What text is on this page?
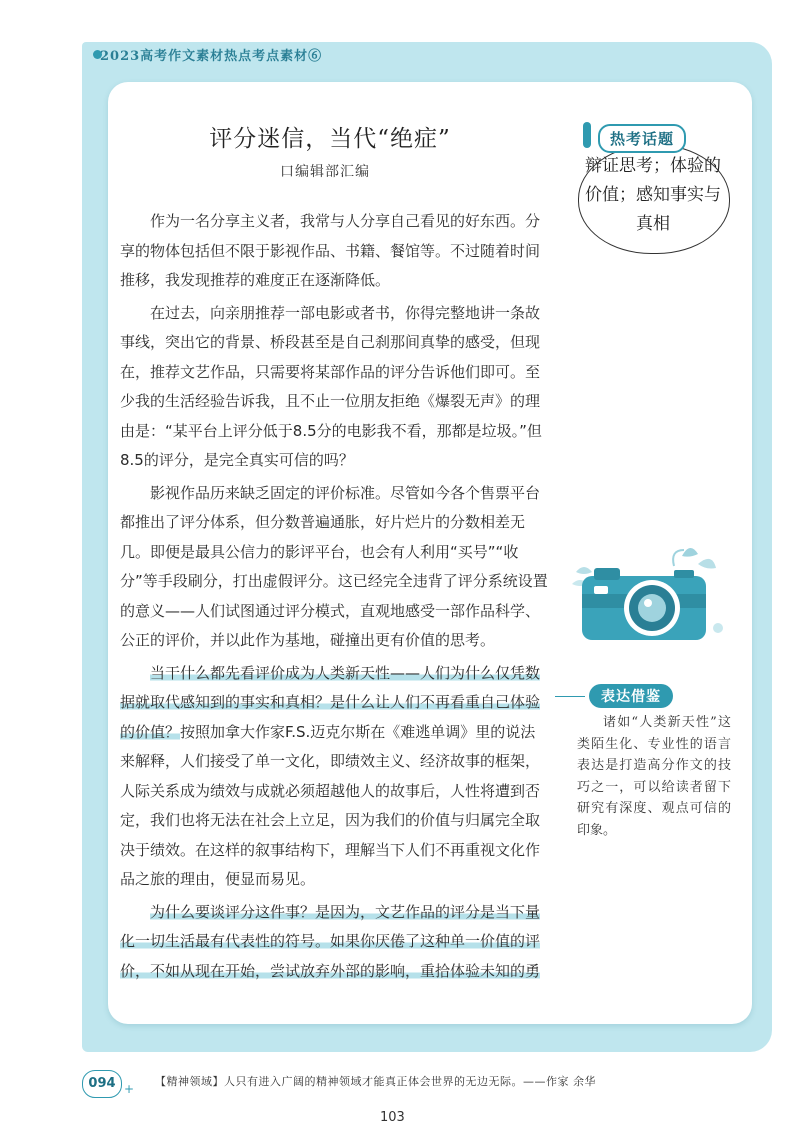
2023高考作文素材热点考点素材⑥
评分迷信，当代“绝症”
口编辑部汇编
热考话题
辩证思考；体验的价值；感知事实与真相

作为一名分享主义者，我常与人分享自己看见的好东西。分享的物体包括但不限于影视作品、书籍、餐馆等。不过随着时间推移，我发现推荐的难度正在逐渐降低。

在过去，向亲朋推荐一部电影或者书，你得完整地讲一条故事线，突出它的背景、桥段甚至是自己刹那间真挚的感受，但现在，推荐文艺作品，只需要将某部作品的评分告诉他们即可。至少我的生活经验告诉我，且不止一位朋友拒绝《爆裂无声》的理由是：“某平台上评分低于8.5分的电影我不看，那都是垃圾。”但8.5的评分，是完全真实可信的吗？

影视作品历来缺乏固定的评价标准。尽管如今各个售票平台都推出了评分体系，但分数普遍通胀，好片烂片的分数相差无几。即便是最具公信力的影评平台，也会有人利用“买号”“收分”等手段刷分，打出虚假评分。这已经完全违背了评分系统设置的意义——人们试图通过评分模式，直观地感受一部作品科学、公正的评价，并以此作为基地，碰撞出更有价值的思考。

当干什么都先看评价成为人类新天性——人们为什么仅凭数据就取代感知到的事实和真相？是什么让人们不再看重自己体验的价值？按照加拿大作家F.S.迈克尔斯在《难逃单调》里的说法来解释，人们接受了单一文化，即绩效主义、经济故事的框架，人际关系成为绩效与成就必须超越他人的故事后，人性将遭到否定，我们也将无法在社会上立足，因为我们的价值与归属完全取决于绩效。在这样的叙事结构下，理解当下人们不再重视文化作品之旅的理由，便显而易见。

为什么要谈评分这件事？是因为，文艺作品的评分是当下量化一切生活最有代表性的符号。如果你厌倦了这种单一价值的评价，不如从现在开始，尝试放弃外部的影响，重拾体验未知的勇

表达借鉴
诸如“人类新天性”这类陌生化、专业性的语言表达是打造高分作文的技巧之一，可以给读者留下研究有深度、观点可信的印象。
094 +
【精神领域】人只有进入广阔的精神领域才能真正体会世界的无边无际。——作家 余华
103
